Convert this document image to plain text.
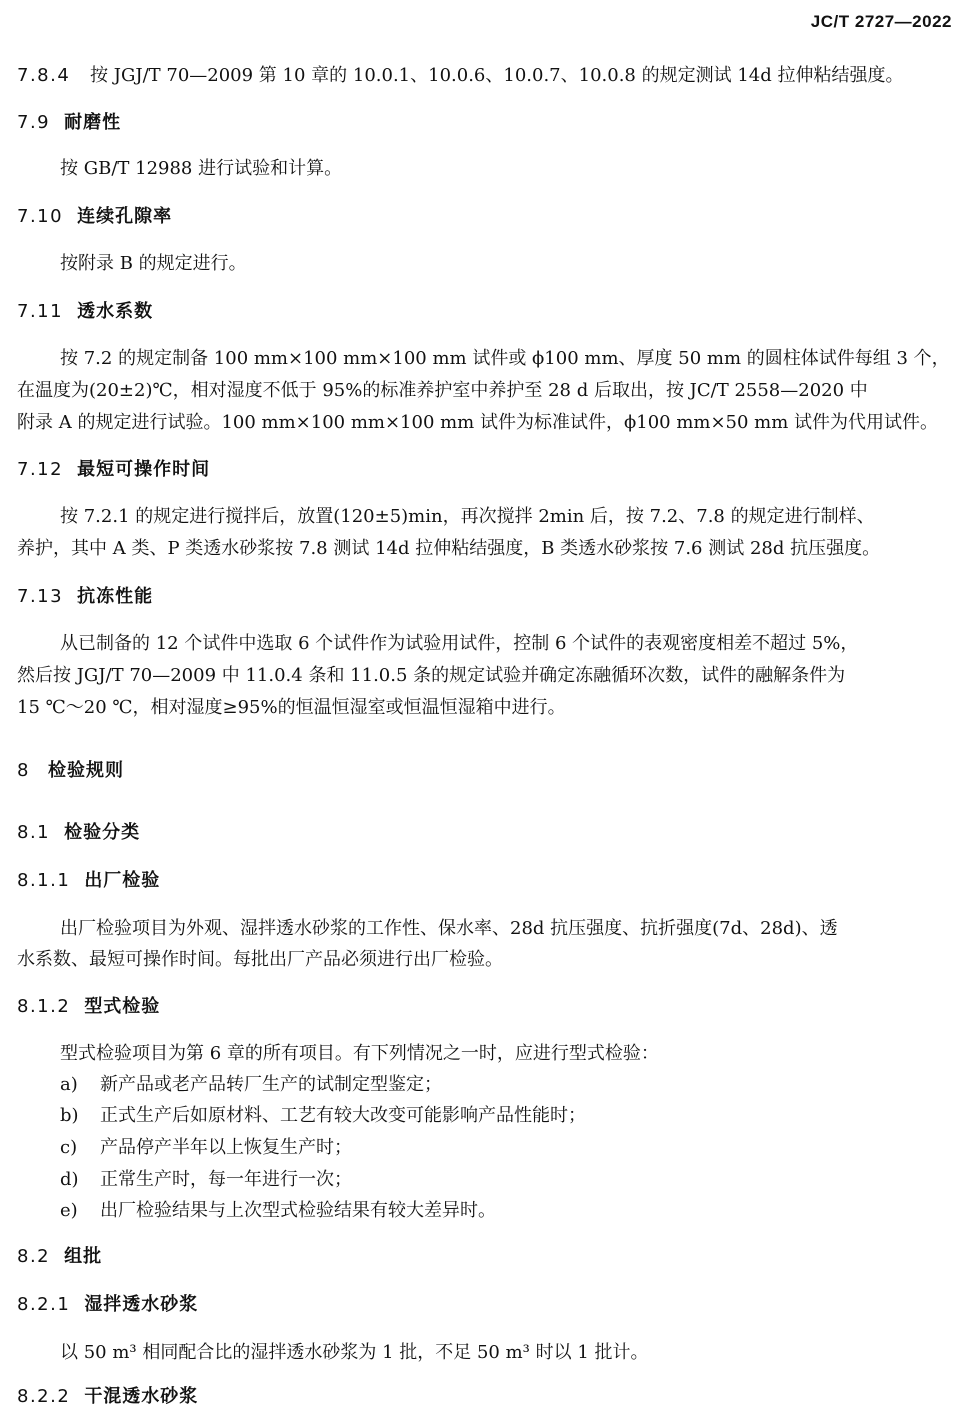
JC/T 2727—2022
7.8.4 按 JGJ/T 70—2009 第 10 章的 10.0.1、10.0.6、10.0.7、10.0.8 的规定测试 14d 拉伸粘结强度。
7.9 耐磨性
按 GB/T 12988 进行试验和计算。
7.10 连续孔隙率
按附录 B 的规定进行。
7.11 透水系数
按 7.2 的规定制备 100 mm×100 mm×100 mm 试件或 ϕ100 mm、厚度 50 mm 的圆柱体试件每组 3 个，
在温度为(20±2)℃，相对湿度不低于 95%的标准养护室中养护至 28 d 后取出，按 JC/T 2558—2020 中
附录 A 的规定进行试验。100 mm×100 mm×100 mm 试件为标准试件，ϕ100 mm×50 mm 试件为代用试件。
7.12 最短可操作时间
按 7.2.1 的规定进行搅拌后，放置(120±5)min，再次搅拌 2min 后，按 7.2、7.8 的规定进行制样、
养护，其中 A 类、P 类透水砂浆按 7.8 测试 14d 拉伸粘结强度，B 类透水砂浆按 7.6 测试 28d 抗压强度。
7.13 抗冻性能
从已制备的 12 个试件中选取 6 个试件作为试验用试件，控制 6 个试件的表观密度相差不超过 5%，
然后按 JGJ/T 70—2009 中 11.0.4 条和 11.0.5 条的规定试验并确定冻融循环次数，试件的融解条件为
15 ℃～20 ℃，相对湿度≥95%的恒温恒湿室或恒温恒湿箱中进行。
8 检验规则
8.1 检验分类
8.1.1 出厂检验
出厂检验项目为外观、湿拌透水砂浆的工作性、保水率、28d 抗压强度、抗折强度(7d、28d)、透
水系数、最短可操作时间。每批出厂产品必须进行出厂检验。
8.1.2 型式检验
型式检验项目为第 6 章的所有项目。有下列情况之一时，应进行型式检验：
a) 新产品或老产品转厂生产的试制定型鉴定；
b) 正式生产后如原材料、工艺有较大改变可能影响产品性能时；
c) 产品停产半年以上恢复生产时；
d) 正常生产时，每一年进行一次；
e) 出厂检验结果与上次型式检验结果有较大差异时。
8.2 组批
8.2.1 湿拌透水砂浆
以 50 m³ 相同配合比的湿拌透水砂浆为 1 批，不足 50 m³ 时以 1 批计。
8.2.2 干混透水砂浆
